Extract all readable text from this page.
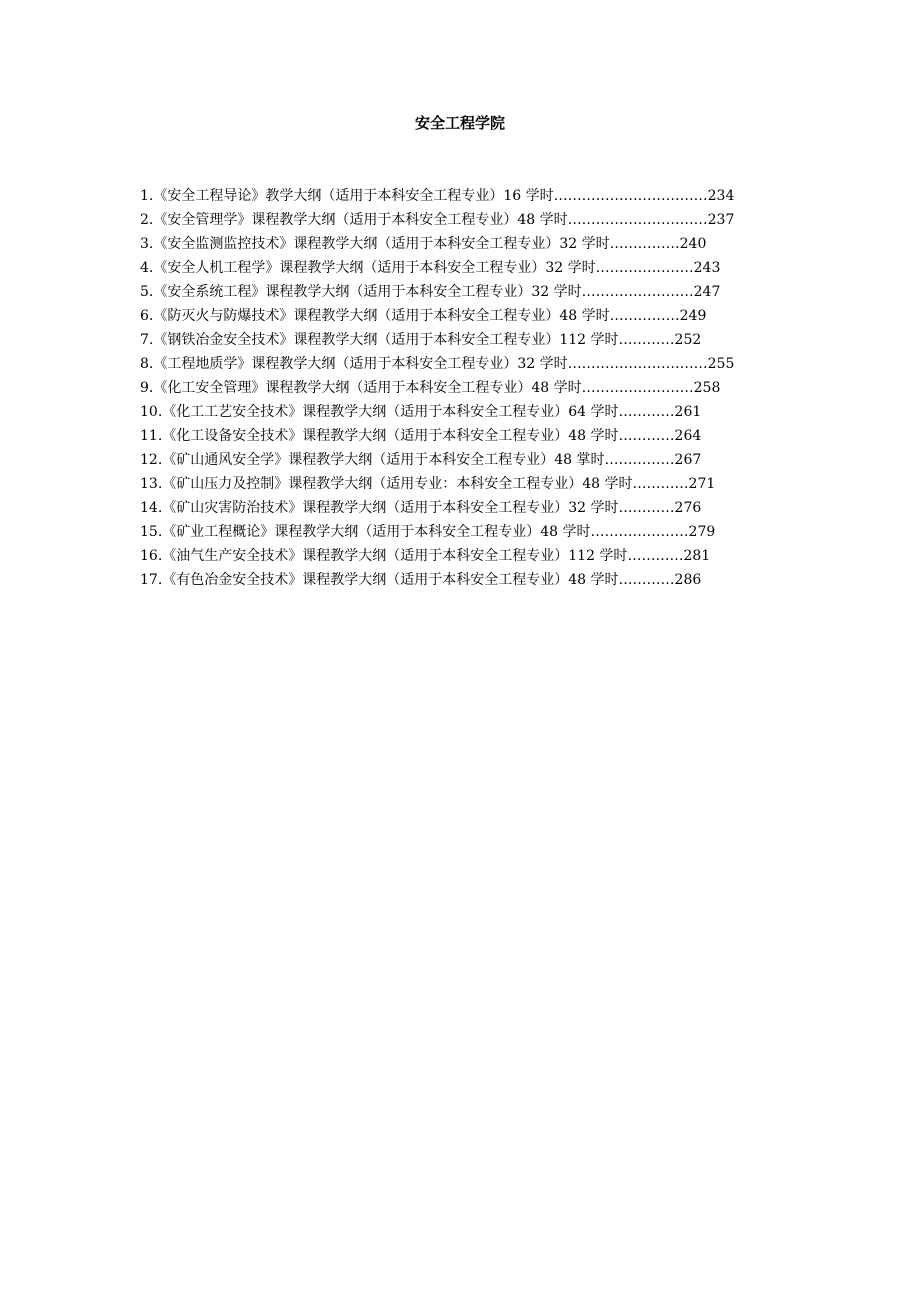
安全工程学院
1.《安全工程导论》教学大纲（适用于本科安全工程专业）16 学时……………………………234
2.《安全管理学》课程教学大纲（适用于本科安全工程专业）48 学时…………………………237
3.《安全监测监控技术》课程教学大纲（适用于本科安全工程专业）32 学时……………240
4.《安全人机工程学》课程教学大纲（适用于本科安全工程专业）32 学时…………………243
5.《安全系统工程》课程教学大纲（适用于本科安全工程专业）32 学时……………………247
6.《防灭火与防爆技术》课程教学大纲（适用于本科安全工程专业）48 学时……………249
7.《钢铁冶金安全技术》课程教学大纲（适用于本科安全工程专业）112 学时…………252
8.《工程地质学》课程教学大纲（适用于本科安全工程专业）32 学时…………………………255
9.《化工安全管理》课程教学大纲（适用于本科安全工程专业）48 学时……………………258
10.《化工工艺安全技术》课程教学大纲（适用于本科安全工程专业）64 学时…………261
11.《化工设备安全技术》课程教学大纲（适用于本科安全工程专业）48 学时…………264
12.《矿山通风安全学》课程教学大纲（适用于本科安全工程专业）48 掌时……………267
13.《矿山压力及控制》课程教学大纲（适用专业：本科安全工程专业）48 学时…………271
14.《矿山灾害防治技术》课程教学大纲（适用于本科安全工程专业）32 学时…………276
15.《矿业工程概论》课程教学大纲（适用于本科安全工程专业）48 学时…………………279
16.《油气生产安全技术》课程教学大纲（适用于本科安全工程专业）112 学时…………281
17.《有色冶金安全技术》课程教学大纲（适用于本科安全工程专业）48 学时…………286
